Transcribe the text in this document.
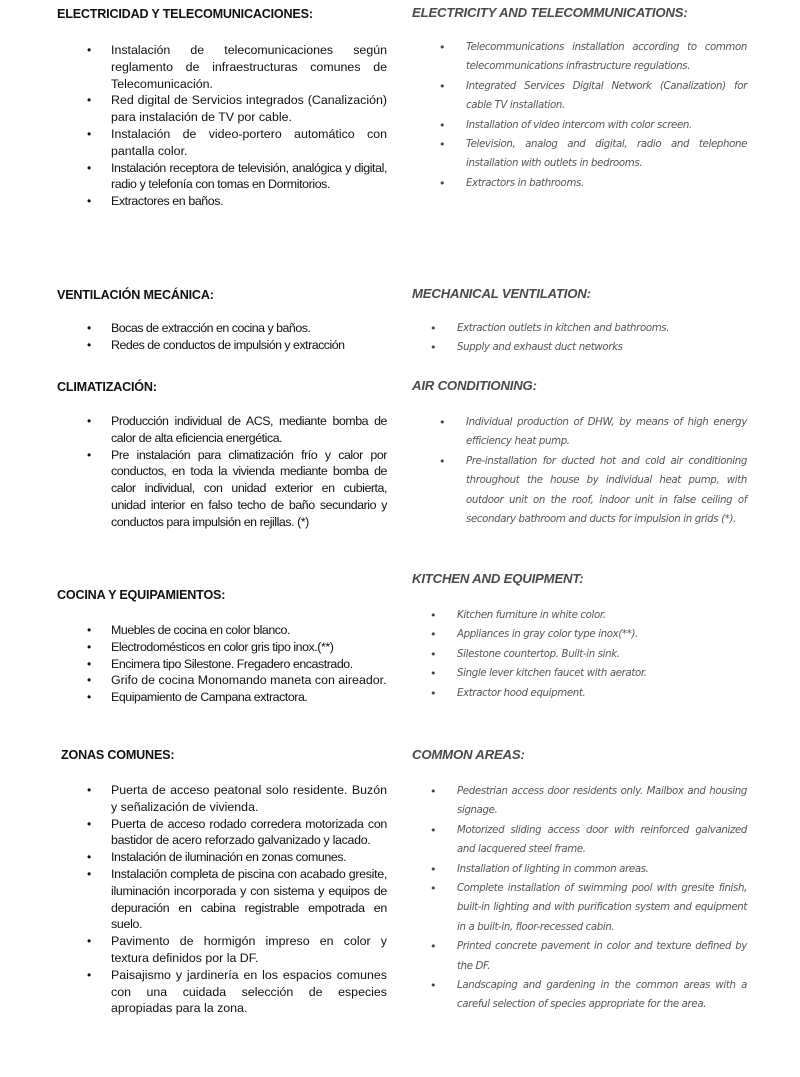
ELECTRICIDAD Y TELECOMUNICACIONES:
• Instalación de telecomunicaciones según reglamento de infraestructuras comunes de Telecomunicación.
• Red digital de Servicios integrados (Canalización) para instalación de TV por cable.
• Instalación de video-portero automático con pantalla color.
• Instalación receptora de televisión, analógica y digital, radio y telefonía con tomas en Dormitorios.
• Extractores en baños.
VENTILACIÓN MECÁNICA:
• Bocas de extracción en cocina y baños.
• Redes de conductos de impulsión y extracción
CLIMATIZACIÓN:
• Producción individual de ACS, mediante bomba de calor de alta eficiencia energética.
• Pre instalación para climatización frío y calor por conductos, en toda la vivienda mediante bomba de calor individual, con unidad exterior en cubierta, unidad interior en falso techo de baño secundario y conductos para impulsión en rejillas. (*)
COCINA Y EQUIPAMIENTOS:
• Muebles de cocina en color blanco.
• Electrodomésticos en color gris tipo inox.(**)
• Encimera tipo Silestone. Fregadero encastrado.
• Grifo de cocina Monomando maneta con aireador.
• Equipamiento de Campana extractora.
ZONAS COMUNES:
• Puerta de acceso peatonal solo residente. Buzón y señalización de vivienda.
• Puerta de acceso rodado corredera motorizada con bastidor de acero reforzado galvanizado y lacado.
• Instalación de iluminación en zonas comunes.
• Instalación completa de piscina con acabado gresite, iluminación incorporada y con sistema y equipos de depuración en cabina registrable empotrada en suelo.
• Pavimento de hormigón impreso en color y textura definidos por la DF.
• Paisajismo y jardinería en los espacios comunes con una cuidada selección de especies apropiadas para la zona.
ELECTRICITY AND TELECOMMUNICATIONS:
• Telecommunications installation according to common telecommunications infrastructure regulations.
• Integrated Services Digital Network (Canalization) for cable TV installation.
• Installation of video intercom with color screen.
• Television, analog and digital, radio and telephone installation with outlets in bedrooms.
• Extractors in bathrooms.
MECHANICAL VENTILATION:
• Extraction outlets in kitchen and bathrooms.
• Supply and exhaust duct networks
AIR CONDITIONING:
• Individual production of DHW, by means of high energy efficiency heat pump.
• Pre-installation for ducted hot and cold air conditioning throughout the house by individual heat pump, with outdoor unit on the roof, indoor unit in false ceiling of secondary bathroom and ducts for impulsion in grids (*).
KITCHEN AND EQUIPMENT:
• Kitchen furniture in white color.
• Appliances in gray color type inox(**).
• Silestone countertop. Built-in sink.
• Single lever kitchen faucet with aerator.
• Extractor hood equipment.
COMMON AREAS:
• Pedestrian access door residents only. Mailbox and housing signage.
• Motorized sliding access door with reinforced galvanized and lacquered steel frame.
• Installation of lighting in common areas.
• Complete installation of swimming pool with gresite finish, built-in lighting and with purification system and equipment in a built-in, floor-recessed cabin.
• Printed concrete pavement in color and texture defined by the DF.
• Landscaping and gardening in the common areas with a careful selection of species appropriate for the area.
